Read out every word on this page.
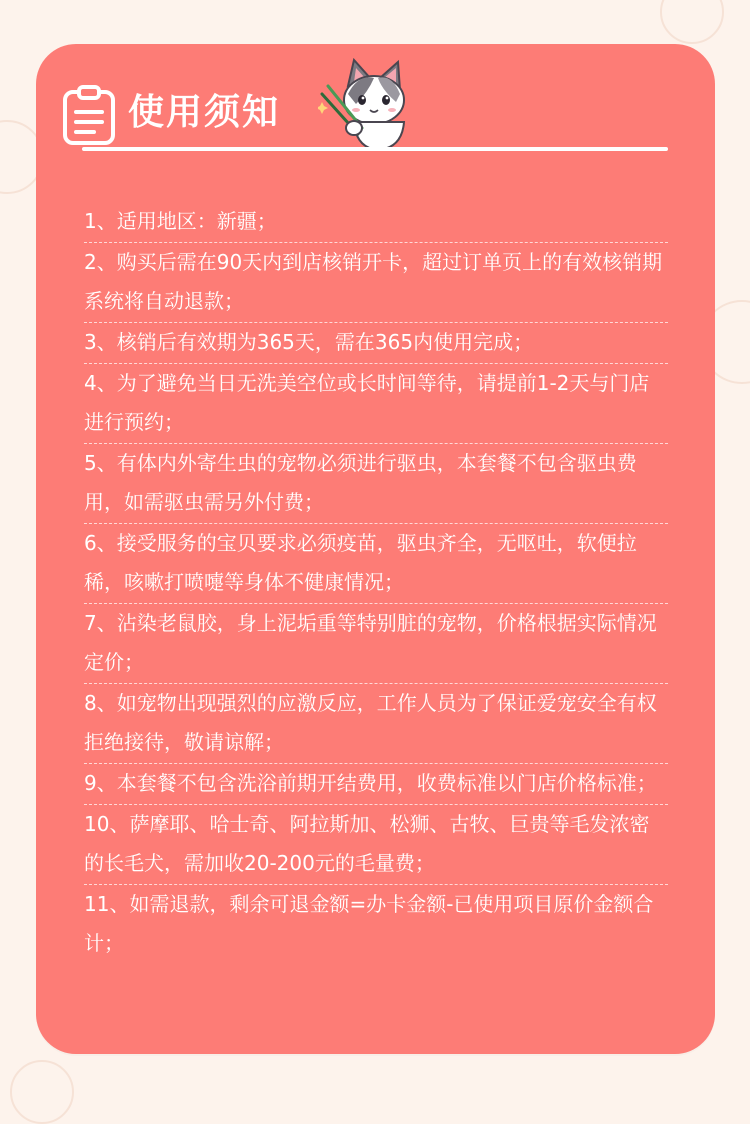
使用须知
1、适用地区：新疆；
2、购买后需在90天内到店核销开卡，超过订单页上的有效核销期系统将自动退款；
3、核销后有效期为365天，需在365内使用完成；
4、为了避免当日无洗美空位或长时间等待，请提前1-2天与门店进行预约；
5、有体内外寄生虫的宠物必须进行驱虫，本套餐不包含驱虫费用，如需驱虫需另外付费；
6、接受服务的宝贝要求必须疫苗，驱虫齐全，无呕吐，软便拉稀，咳嗽打喷嚏等身体不健康情况；
7、沾染老鼠胶，身上泥垢重等特别脏的宠物，价格根据实际情况定价；
8、如宠物出现强烈的应激反应，工作人员为了保证爱宠安全有权拒绝接待，敬请谅解；
9、本套餐不包含洗浴前期开结费用，收费标准以门店价格标准；
10、萨摩耶、哈士奇、阿拉斯加、松狮、古牧、巨贵等毛发浓密的长毛犬，需加收20-200元的毛量费；
11、如需退款，剩余可退金额=办卡金额-已使用项目原价金额合计；
